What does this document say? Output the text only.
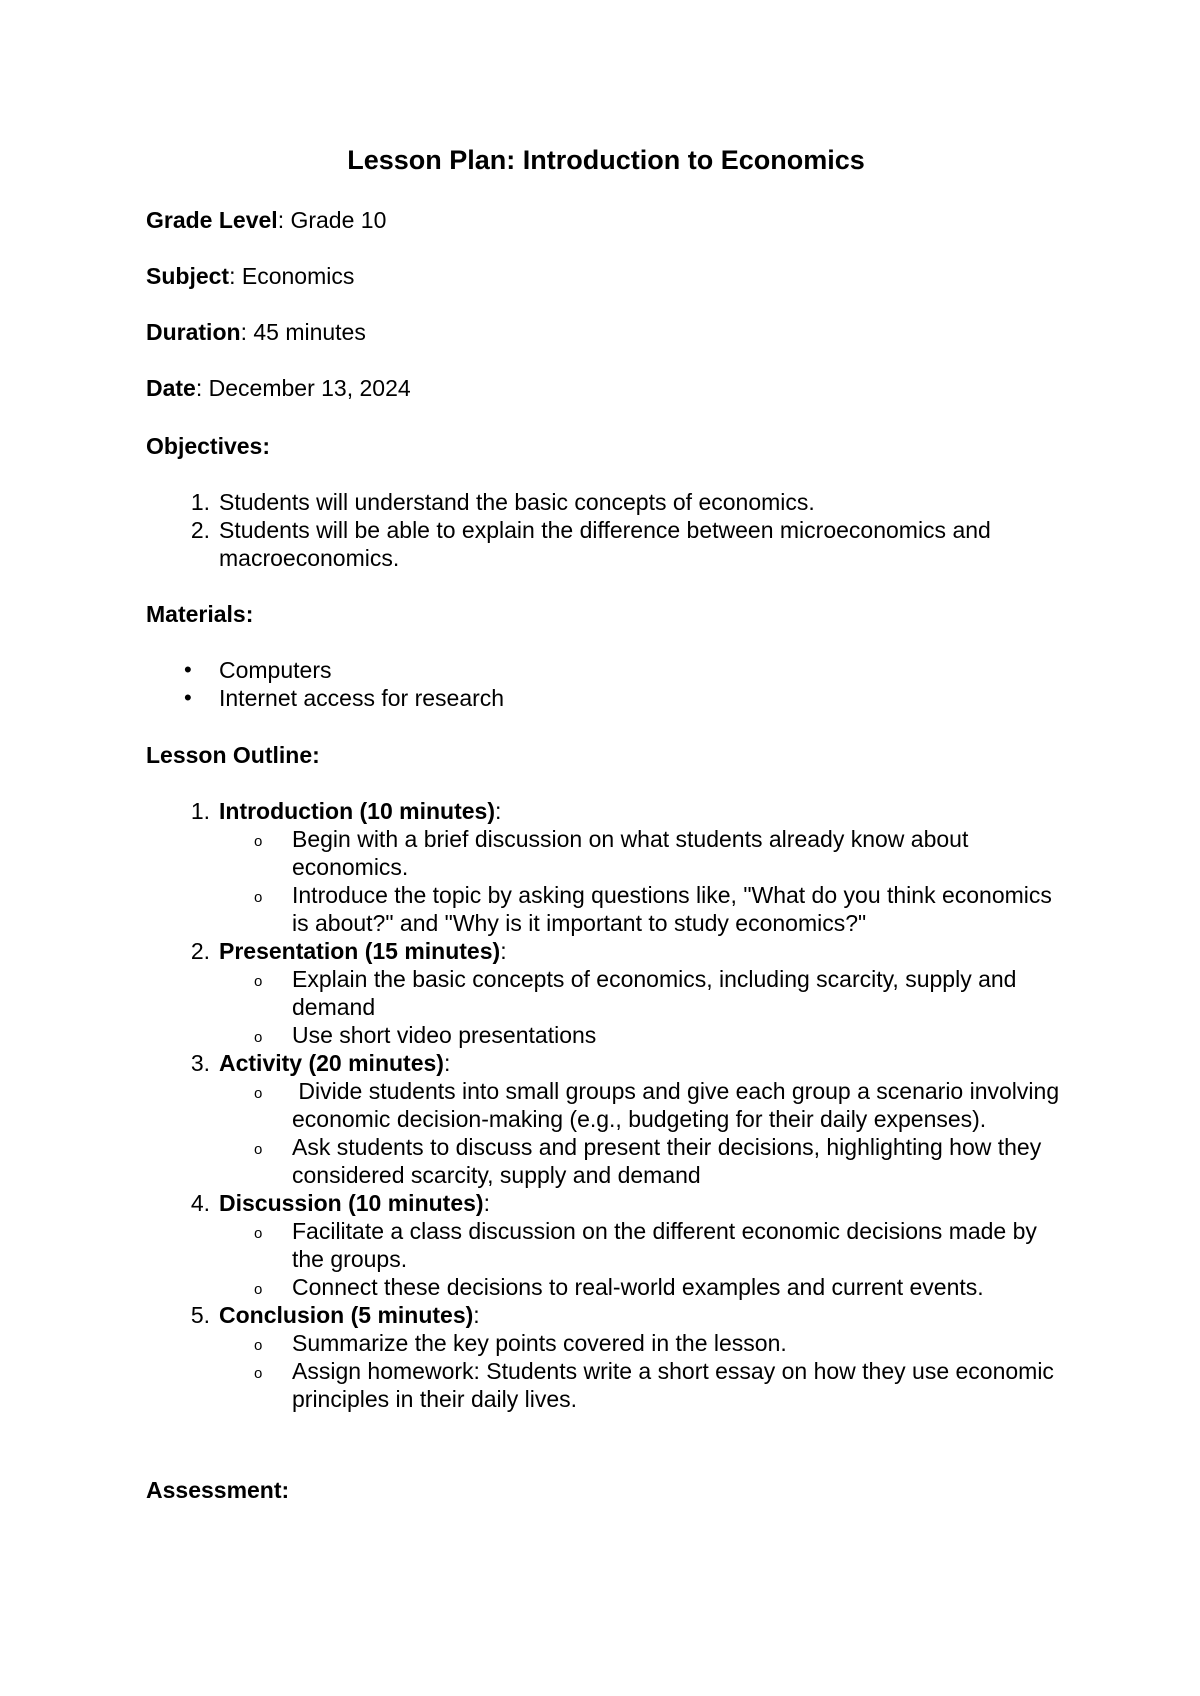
Lesson Plan: Introduction to Economics

Grade Level: Grade 10

Subject: Economics

Duration: 45 minutes

Date: December 13, 2024

Objectives:

1. Students will understand the basic concepts of economics.
2. Students will be able to explain the difference between microeconomics and macroeconomics.

Materials:

• Computers
• Internet access for research

Lesson Outline:

1. Introduction (10 minutes):
o Begin with a brief discussion on what students already know about economics.
o Introduce the topic by asking questions like, "What do you think economics is about?" and "Why is it important to study economics?"
2. Presentation (15 minutes):
o Explain the basic concepts of economics, including scarcity, supply and demand
o Use short video presentations
3. Activity (20 minutes):
o Divide students into small groups and give each group a scenario involving economic decision-making (e.g., budgeting for their daily expenses).
o Ask students to discuss and present their decisions, highlighting how they considered scarcity, supply and demand
4. Discussion (10 minutes):
o Facilitate a class discussion on the different economic decisions made by the groups.
o Connect these decisions to real-world examples and current events.
5. Conclusion (5 minutes):
o Summarize the key points covered in the lesson.
o Assign homework: Students write a short essay on how they use economic principles in their daily lives.

Assessment:
